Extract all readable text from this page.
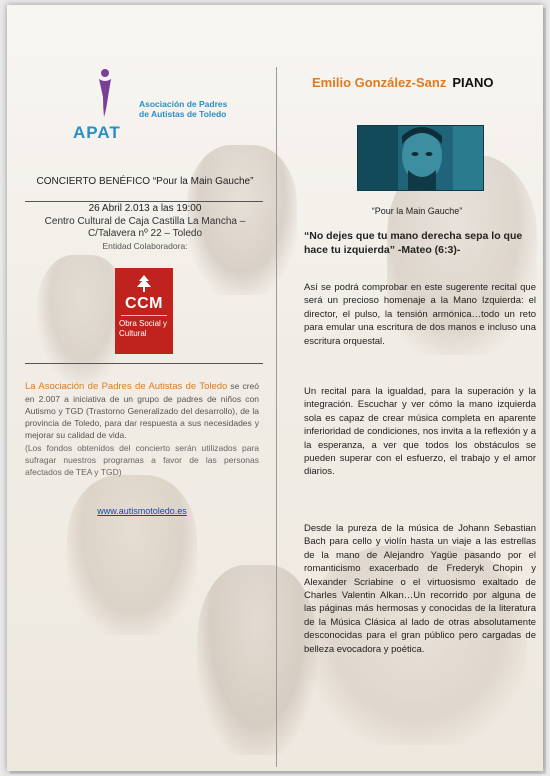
APAT
Asociación de Padres de Autistas de Toledo
CONCIERTO BENÉFICO “Pour la Main Gauche”
26 Abril 2.013 a las 19:00
Centro Cultural de Caja Castilla La Mancha – C/Talavera nº 22 – Toledo
Entidad Colaboradora:
CCM
Obra Social y Cultural
La Asociación de Padres de Autistas de Toledo se creó en 2.007 a iniciativa de un grupo de padres de niños con Autismo y TGD (Trastorno Generalizado del desarrollo), de la provincia de Toledo, para dar respuesta a sus necesidades y mejorar su calidad de vida.
(Los fondos obtenidos del concierto serán utilizados para sufragar nuestros programas a favor de las personas afectados de TEA y TGD)
www.autismotoledo.es
Emilio González-Sanz PIANO
“Pour la Main Gauche”
“No dejes que tu mano derecha sepa lo que hace tu izquierda” -Mateo (6:3)-
Así se podrá comprobar en este sugerente recital que será un precioso homenaje a la Mano Izquierda: el director, el pulso, la tensión armónica…todo un reto para emular una escritura de dos manos e incluso una escritura orquestal.
Un recital para la igualdad, para la superación y la integración. Escuchar y ver cómo la mano izquierda sola es capaz de crear música completa en aparente inferioridad de condiciones, nos invita a la reflexión y a la esperanza, a ver que todos los obstáculos se pueden superar con el esfuerzo, el trabajo y el amor diarios.
Desde la pureza de la música de Johann Sebastian Bach para cello y violín hasta un viaje a las estrellas de la mano de Alejandro Yagüe pasando por el romanticismo exacerbado de Frederyk Chopin y Alexander Scriabine o el virtuosismo exaltado de Charles Valentin Alkan…Un recorrido por alguna de las páginas más hermosas y conocidas de la literatura de la Música Clásica al lado de otras absolutamente desconocidas para el gran público pero cargadas de belleza evocadora y poética.
